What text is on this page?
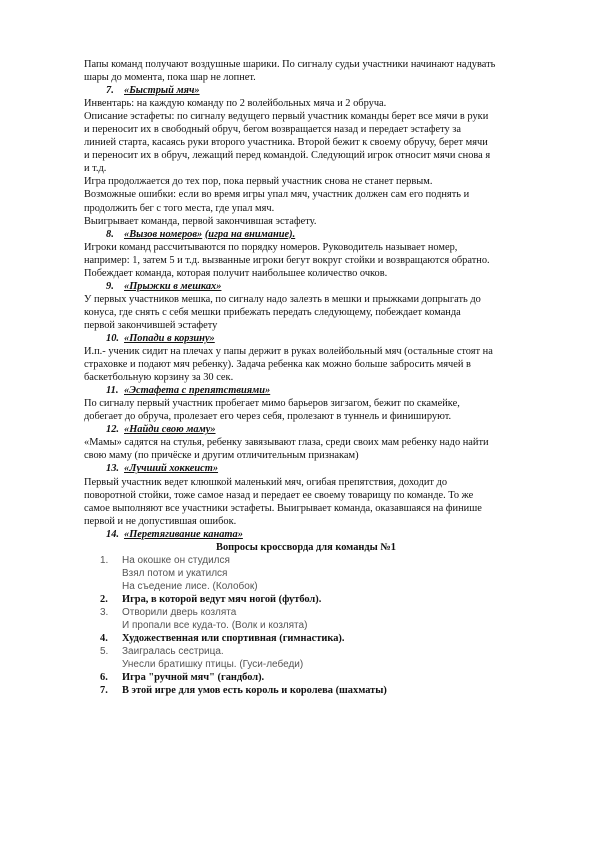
Папы команд получают воздушные шарики. По сигналу судьи участники начинают надувать

шары до момента, пока шар не лопнет.

7. «Быстрый мяч»

Инвентарь: на каждую команду по 2 волейбольных мяча и 2 обруча.

Описание эстафеты: по сигналу ведущего первый участник команды берет все мячи в руки

и переносит их в свободный обруч, бегом возвращается назад и передает эстафету за

линией старта, касаясь руки второго участника. Второй бежит к своему обручу, берет мячи

и переносит их в обруч, лежащий перед командой. Следующий игрок относит мячи снова я

и т.д.

Игра продолжается до тех пор, пока первый участник снова не станет первым.

Возможные ошибки: если во время игры упал мяч, участник должен сам его поднять и

продолжить бег с того места, где упал мяч.

Выигрывает команда, первой закончившая эстафету.

8. «Вызов номеров» (игра на внимание).

Игроки команд рассчитываются по порядку номеров. Руководитель называет номер,

например: 1, затем 5 и т.д. вызванные игроки бегут вокруг стойки и возвращаются обратно.

Побеждает команда, которая получит наибольшее количество очков.

9. «Прыжки в мешках»

У первых участников мешка, по сигналу надо залезть в мешки и прыжками допрыгать до

конуса, где снять с себя мешки прибежать передать следующему, побеждает команда

первой закончившей эстафету

10. «Попади в корзину»

И.п.- ученик сидит на плечах у папы держит в руках волейбольный мяч (остальные стоят на

страховке и подают мяч ребенку). Задача ребенка как можно больше забросить мячей в

баскетбольную корзину за 30 сек.

11. «Эстафета с препятствиями»

По сигналу первый участник пробегает мимо барьеров зигзагом, бежит по скамейке,

добегает до обруча, пролезает его через себя, пролезают в туннель и финишируют.

12. «Найди свою маму»

«Мамы» садятся на стулья, ребенку завязывают глаза, среди своих мам ребенку надо найти

свою маму (по причёске и другим отличительным признакам)

13. «Лучший хоккеист»

Первый участник ведет клюшкой маленький мяч, огибая препятствия, доходит до

поворотной стойки, тоже самое назад и передает ее своему товарищу по команде. То же

самое выполняют все участники эстафеты. Выигрывает команда, оказавшаяся на финише

первой и не допустившая ошибок.

14. «Перетягивание каната»

Вопросы кроссворда для команды №1

1. На окошке он студился
Взял потом и укатился
На съедение лисе. (Колобок)
2. Игра, в которой ведут мяч ногой (футбол).
3. Отворили дверь козлята
И пропали все куда-то. (Волк и козлята)
4. Художественная или спортивная (гимнастика).
5. Заигралась сестрица.
Унесли братишку птицы. (Гуси-лебеди)
6. Игра "ручной мяч" (гандбол).
7. В этой игре для умов есть король и королева (шахматы)
